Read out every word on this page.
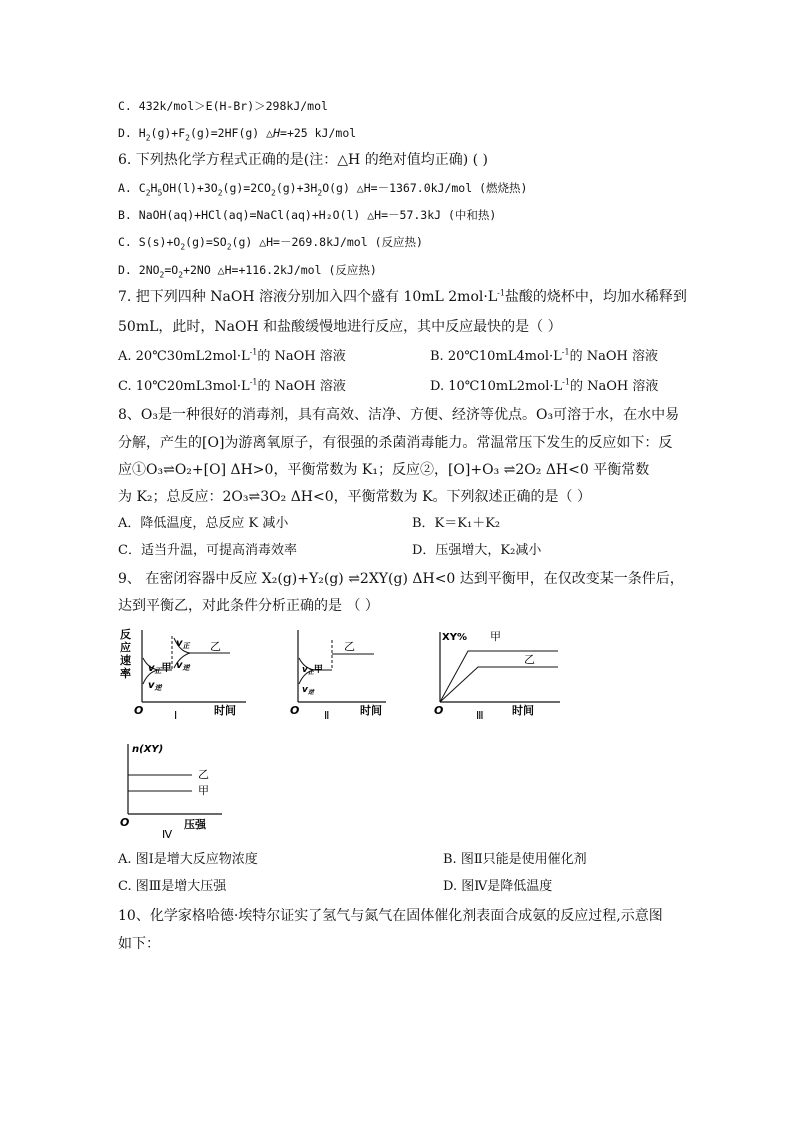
C. 432k/mol＞E(H-Br)＞298kJ/mol
D. $H_2(g)+F_2(g)=2HF(g)$ △H=+25 kJ/mol
6. 下列热化学方程式正确的是(注：△H 的绝对值均正确) ( )
A. $C_2H_5OH(l)+3O_2(g)=2CO_2(g)+3H_2O(g)$ △H=－1367.0kJ/mol (燃烧热)
B. NaOH(aq)+HCl(aq)=NaCl(aq)+H₂O(l) △H=－57.3kJ (中和热)
C. $S(s)+O_2(g)=SO_2(g)$ △H=－269.8kJ/mol (反应热)
D. $2NO_2=O_2+2NO$ △H=+116.2kJ/mol (反应热)
7. 把下列四种 NaOH 溶液分别加入四个盛有 10mL $2mol\cdot L^{-1}$盐酸的烧杯中，均加水稀释到
50mL，此时，NaOH 和盐酸缓慢地进行反应，其中反应最快的是（ ）
A. $20℃30mL2mol\cdot L^{-1}$的 NaOH 溶液	B. $20℃10mL4mol\cdot L^{-1}$的 NaOH 溶液
C. $10℃20mL3mol\cdot L^{-1}$的 NaOH 溶液	D. $10℃10mL2mol\cdot L^{-1}$的 NaOH 溶液
8、O₃是一种很好的消毒剂，具有高效、洁净、方便、经济等优点。O₃可溶于水，在水中易
分解，产生的[O]为游离氧原子，有很强的杀菌消毒能力。常温常压下发生的反应如下：反
应①O₃⇌O₂+[O] ΔH>0，平衡常数为 K₁；反应②，[O]+O₃ ⇌2O₂ ΔH<0 平衡常数
为 K₂；总反应：2O₃⇌3O₂ ΔH<0，平衡常数为 K。下列叙述正确的是（ ）
A．降低温度，总反应 K 减小	B．K＝K₁＋K₂
C．适当升温，可提高消毒效率	D．压强增大，K₂减小
9、 在密闭容器中反应 X₂(g)+Y₂(g) ⇌2XY(g) ΔH<0 达到平衡甲，在仅改变某一条件后，
达到平衡乙，对此条件分析正确的是 （ ）
反
应
速
率 $v_正$甲
$v_逆$
$v_正$
$v_逆$
乙
O	Ⅰ	时间
乙
$v_正$甲
$v_逆$
O Ⅱ	时间
XY% 甲
乙
O	Ⅲ	时间
n(XY)
乙
甲
O	压强
Ⅳ
A. 图Ⅰ是增大反应物浓度	B. 图Ⅱ只能是使用催化剂
C. 图Ⅲ是增大压强	D. 图Ⅳ是降低温度
10、化学家格哈德·埃特尔证实了氢气与氮气在固体催化剂表面合成氨的反应过程,示意图
如下：
